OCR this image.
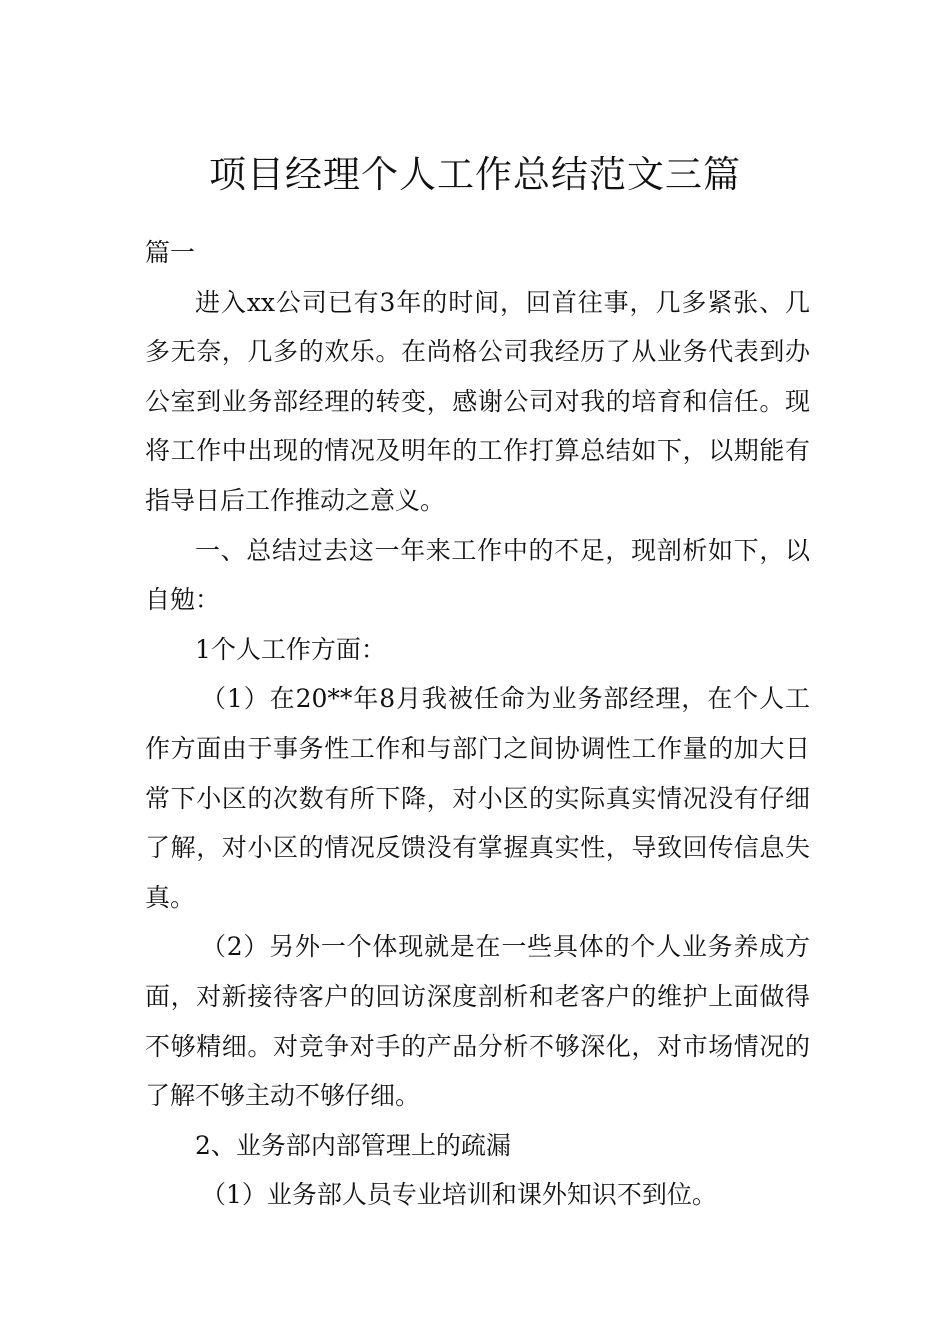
项目经理个人工作总结范文三篇

篇一

进入xx公司已有3年的时间，回首往事，几多紧张、几多无奈，几多的欢乐。在尚格公司我经历了从业务代表到办公室到业务部经理的转变，感谢公司对我的培育和信任。现将工作中出现的情况及明年的工作打算总结如下，以期能有指导日后工作推动之意义。

一、总结过去这一年来工作中的不足，现剖析如下，以自勉：

1个人工作方面：

（1）在20**年8月我被任命为业务部经理，在个人工作方面由于事务性工作和与部门之间协调性工作量的加大日常下小区的次数有所下降，对小区的实际真实情况没有仔细了解，对小区的情况反馈没有掌握真实性，导致回传信息失真。

（2）另外一个体现就是在一些具体的个人业务养成方面，对新接待客户的回访深度剖析和老客户的维护上面做得不够精细。对竞争对手的产品分析不够深化，对市场情况的了解不够主动不够仔细。

2、业务部内部管理上的疏漏

（1）业务部人员专业培训和课外知识不到位。
